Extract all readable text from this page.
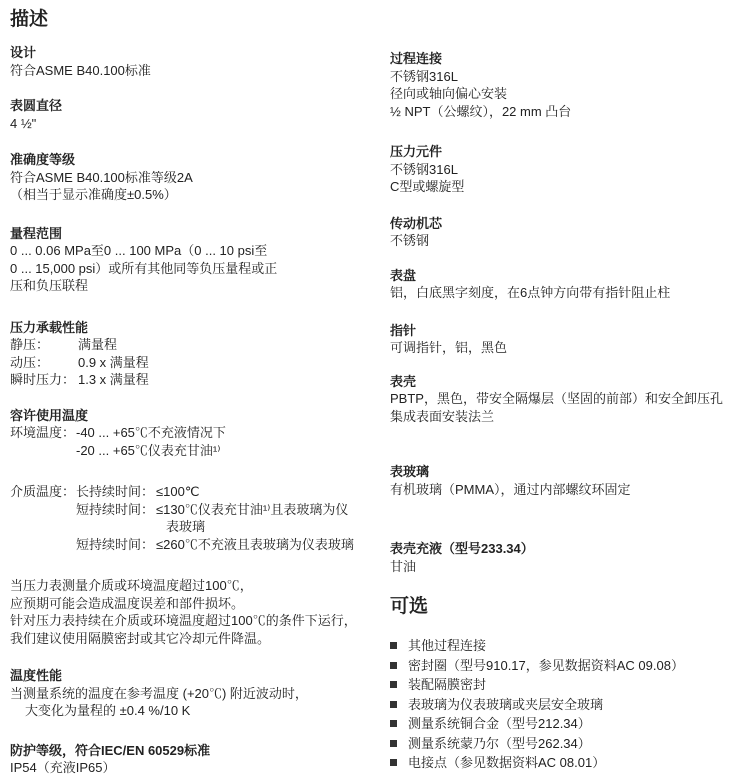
描述
设计
符合ASME B40.100标准
表圆直径
4 ½"
准确度等级
符合ASME B40.100标准等级2A
（相当于显示准确度±0.5%）
量程范围
0 ... 0.06 MPa至0 ... 100 MPa（0 ... 10 psi至
0 ... 15,000 psi）或所有其他同等负压量程或正
压和负压联程
压力承载性能
静压：	满量程
动压：	0.9 x 满量程
瞬时压力： 1.3 x 满量程
容许使用温度
环境温度： -40 ... +65℃不充液情况下
-20 ... +65℃仪表充甘油¹⁾
介质温度： 长持续时间： ≤100℃
短持续时间： ≤130℃仪表充甘油¹⁾且表玻璃为仪
表玻璃
短持续时间： ≤260℃不充液且表玻璃为仪表玻璃
当压力表测量介质或环境温度超过100℃，
应预期可能会造成温度误差和部件损坏。
针对压力表持续在介质或环境温度超过100℃的条件下运行，
我们建议使用隔膜密封或其它冷却元件降温。
温度性能
当测量系统的温度在参考温度 (+20℃) 附近波动时，
大变化为量程的 ±0.4 %/10 K
防护等级，符合IEC/EN 60529标准
IP54（充液IP65）
过程连接
不锈钢316L
径向或轴向偏心安装
½ NPT（公螺纹），22 mm 凸台
压力元件
不锈钢316L
C型或螺旋型
传动机芯
不锈钢
表盘
铝，白底黑字刻度，在6点钟方向带有指针阻止柱
指针
可调指针，铝，黑色
表壳
PBTP，黑色，带安全隔爆层（坚固的前部）和安全卸压孔
集成表面安装法兰
表玻璃
有机玻璃（PMMA），通过内部螺纹环固定
表壳充液（型号233.34）
甘油
可选
其他过程连接
密封圈（型号910.17，参见数据资料AC 09.08）
装配隔膜密封
表玻璃为仪表玻璃或夹层安全玻璃
测量系统铜合金（型号212.34）
测量系统蒙乃尔（型号262.34）
电接点（参见数据资料AC 08.01）
